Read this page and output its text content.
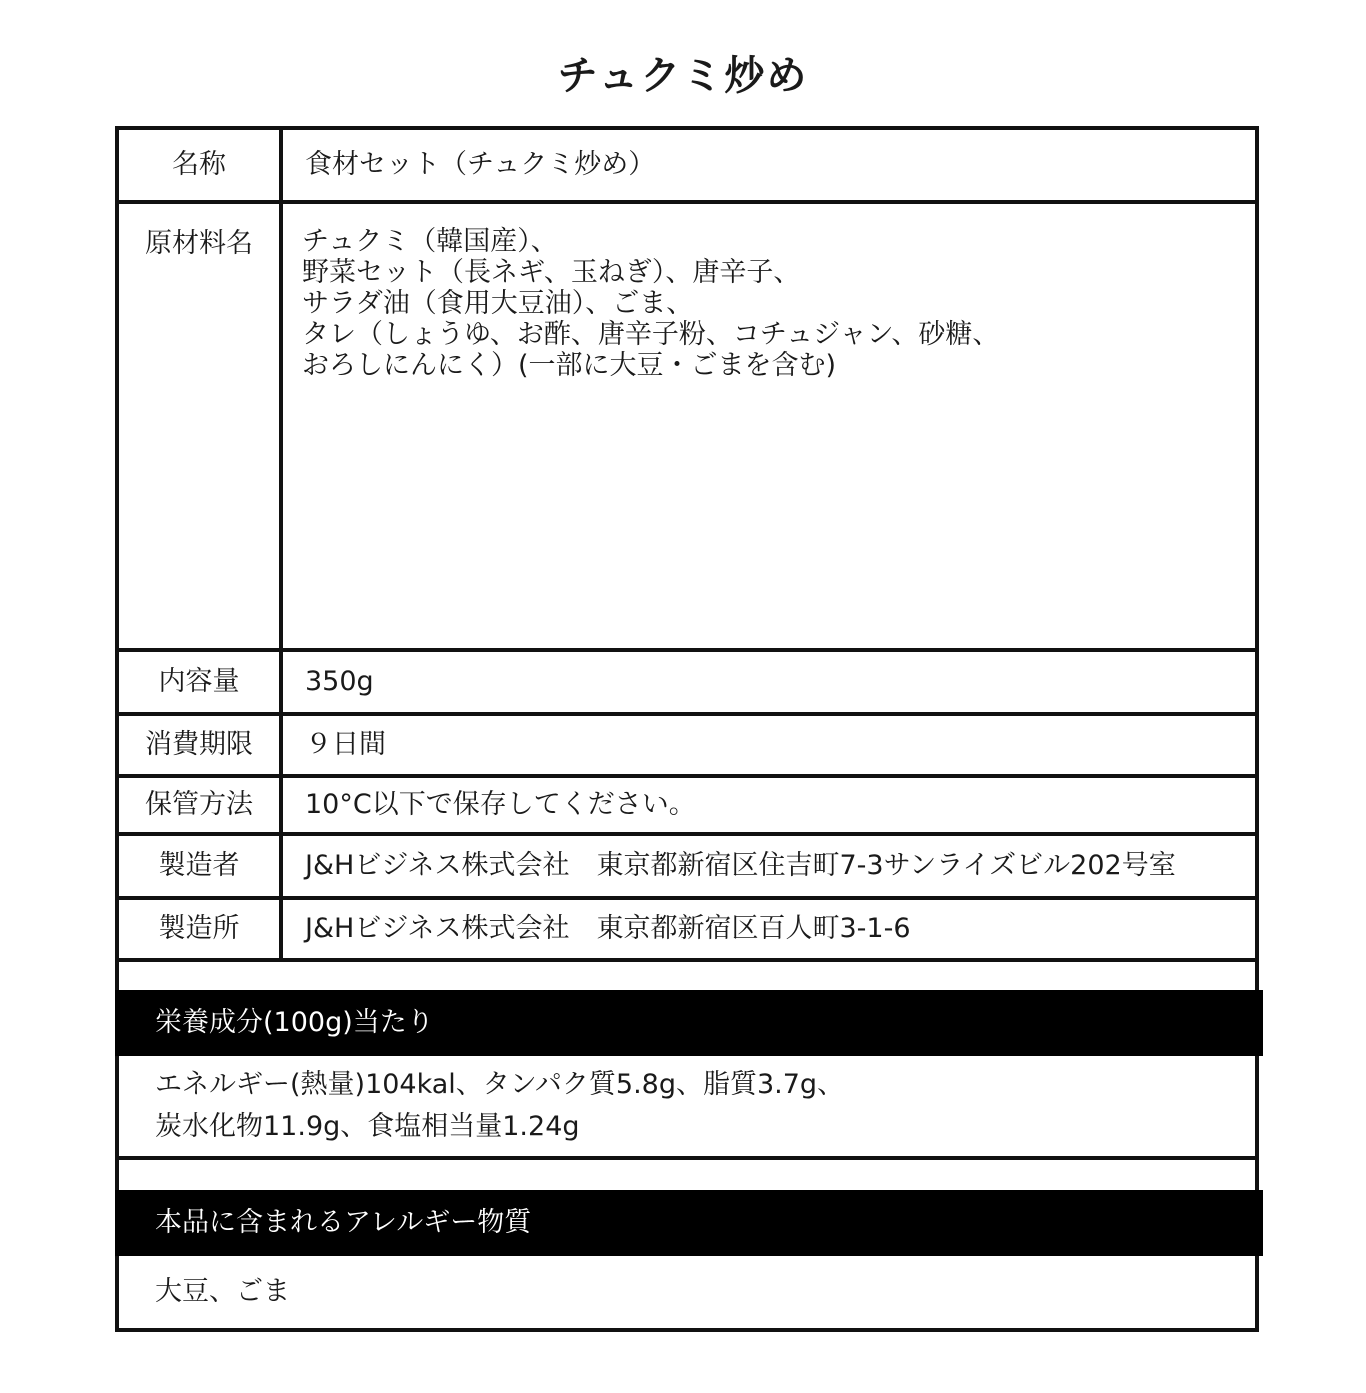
チュクミ炒め
名称	食材セット（チュクミ炒め）
原材料名	チュクミ（韓国産）、
野菜セット（長ネギ、玉ねぎ）、唐辛子、
サラダ油（食用大豆油）、ごま、
タレ（しょうゆ、お酢、唐辛子粉、コチュジャン、砂糖、
おろしにんにく）(一部に大豆・ごまを含む)

内容量	350g
消費期限	９日間
保管方法	10°C以下で保存してください。
製造者	J&Hビジネス株式会社　東京都新宿区住吉町7-3サンライズビル202号室
製造所	J&Hビジネス株式会社　東京都新宿区百人町3-1-6
栄養成分(100g)当たり
エネルギー(熱量)104kal、タンパク質5.8g、脂質3.7g、
炭水化物11.9g、食塩相当量1.24g
本品に含まれるアレルギー物質
大豆、ごま
